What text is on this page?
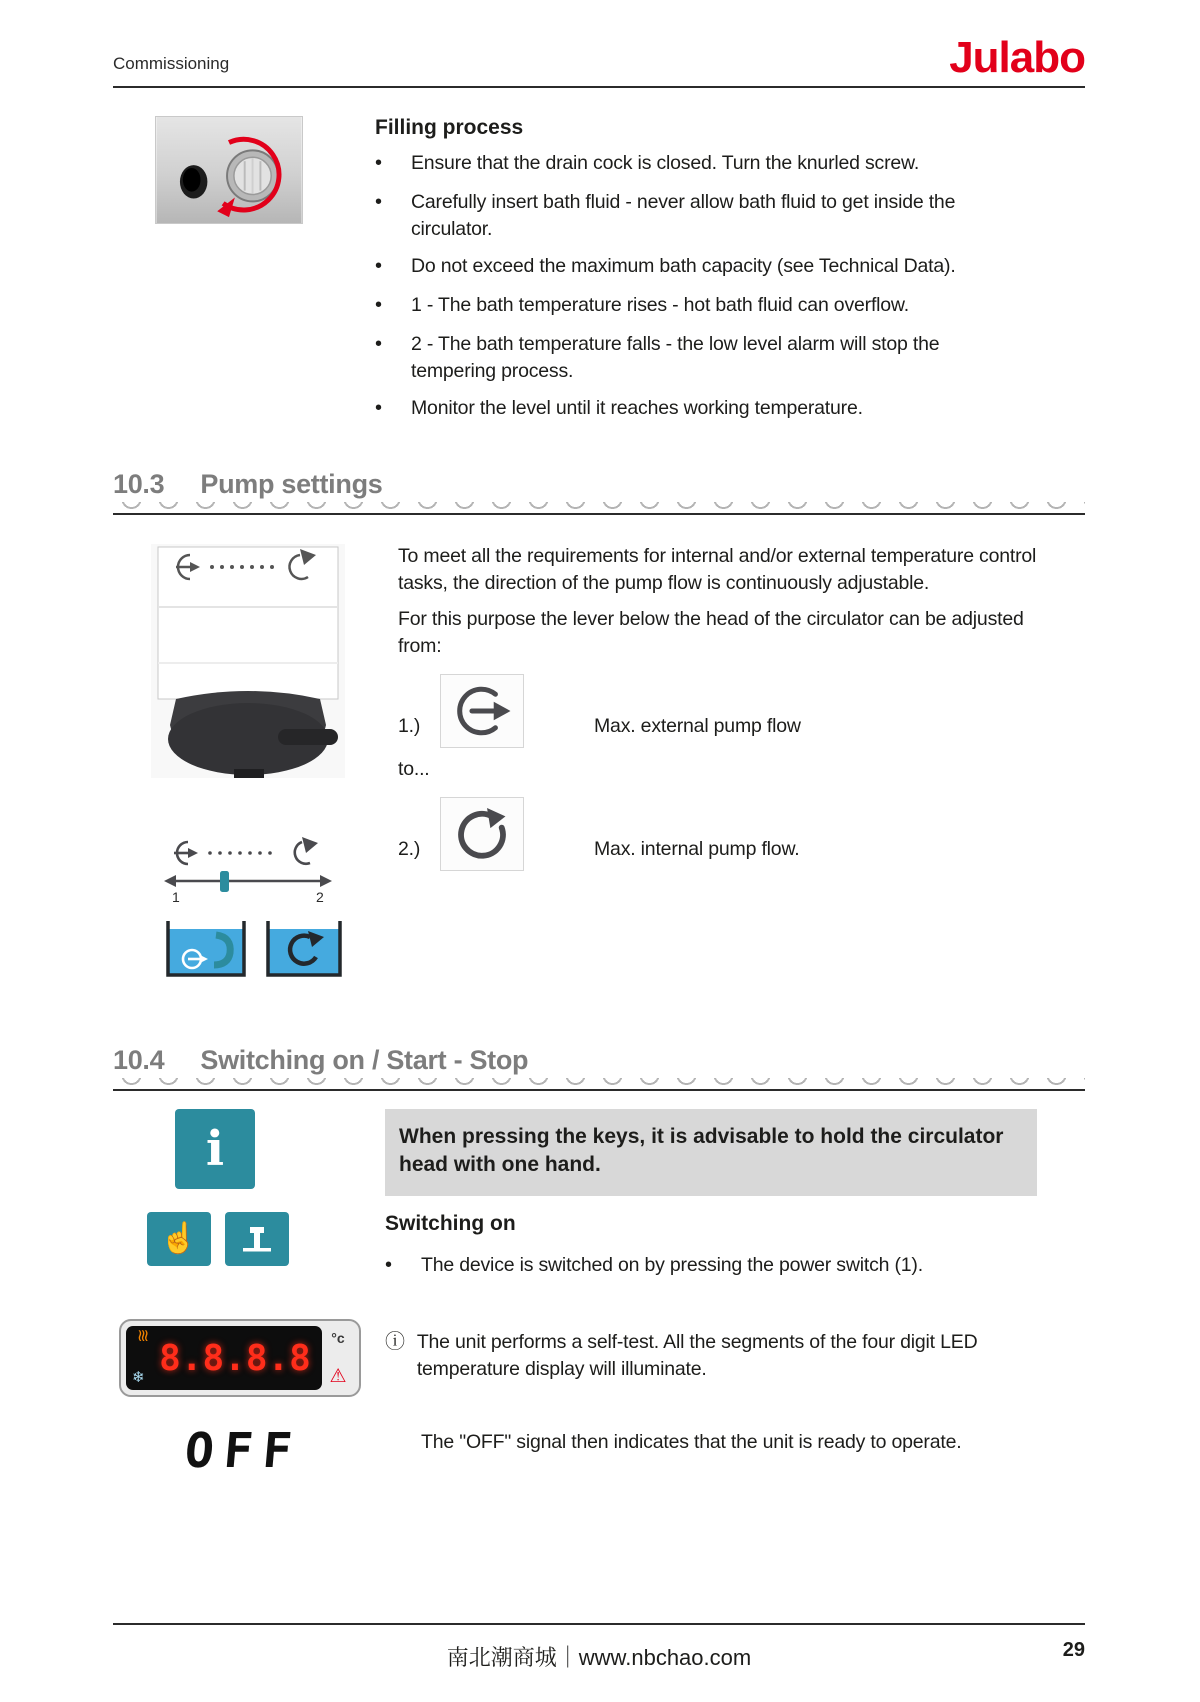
Commissioning	Julabo
Filling process
• Ensure that the drain cock is closed. Turn the knurled screw.
• Carefully insert bath fluid - never allow bath fluid to get inside the circulator.
• Do not exceed the maximum bath capacity (see Technical Data).
• 1 - The bath temperature rises - hot bath fluid can overflow.
• 2 - The bath temperature falls - the low level alarm will stop the tempering process.
• Monitor the level until it reaches working temperature.
10.3 Pump settings
1	2

To meet all the requirements for internal and/or external temperature control tasks, the direction of the pump flow is continuously adjustable.

For this purpose the lever below the head of the circulator can be adjusted from:

1.)	Max. external pump flow
to...
2.)	Max. internal pump flow.
10.4 Switching on / Start - Stop
i	When pressing the keys, it is advisable to hold the circulator head with one hand.
☝	Switching on
• The device is switched on by pressing the power switch (1).
≋
❄ 8.8.8.8	°c
⚠
ⓘ The unit performs a self-test. All the segments of the four digit LED temperature display will illuminate.
OFF	The "OFF" signal then indicates that the unit is ready to operate.
南北潮商城｜www.nbchao.com	29
